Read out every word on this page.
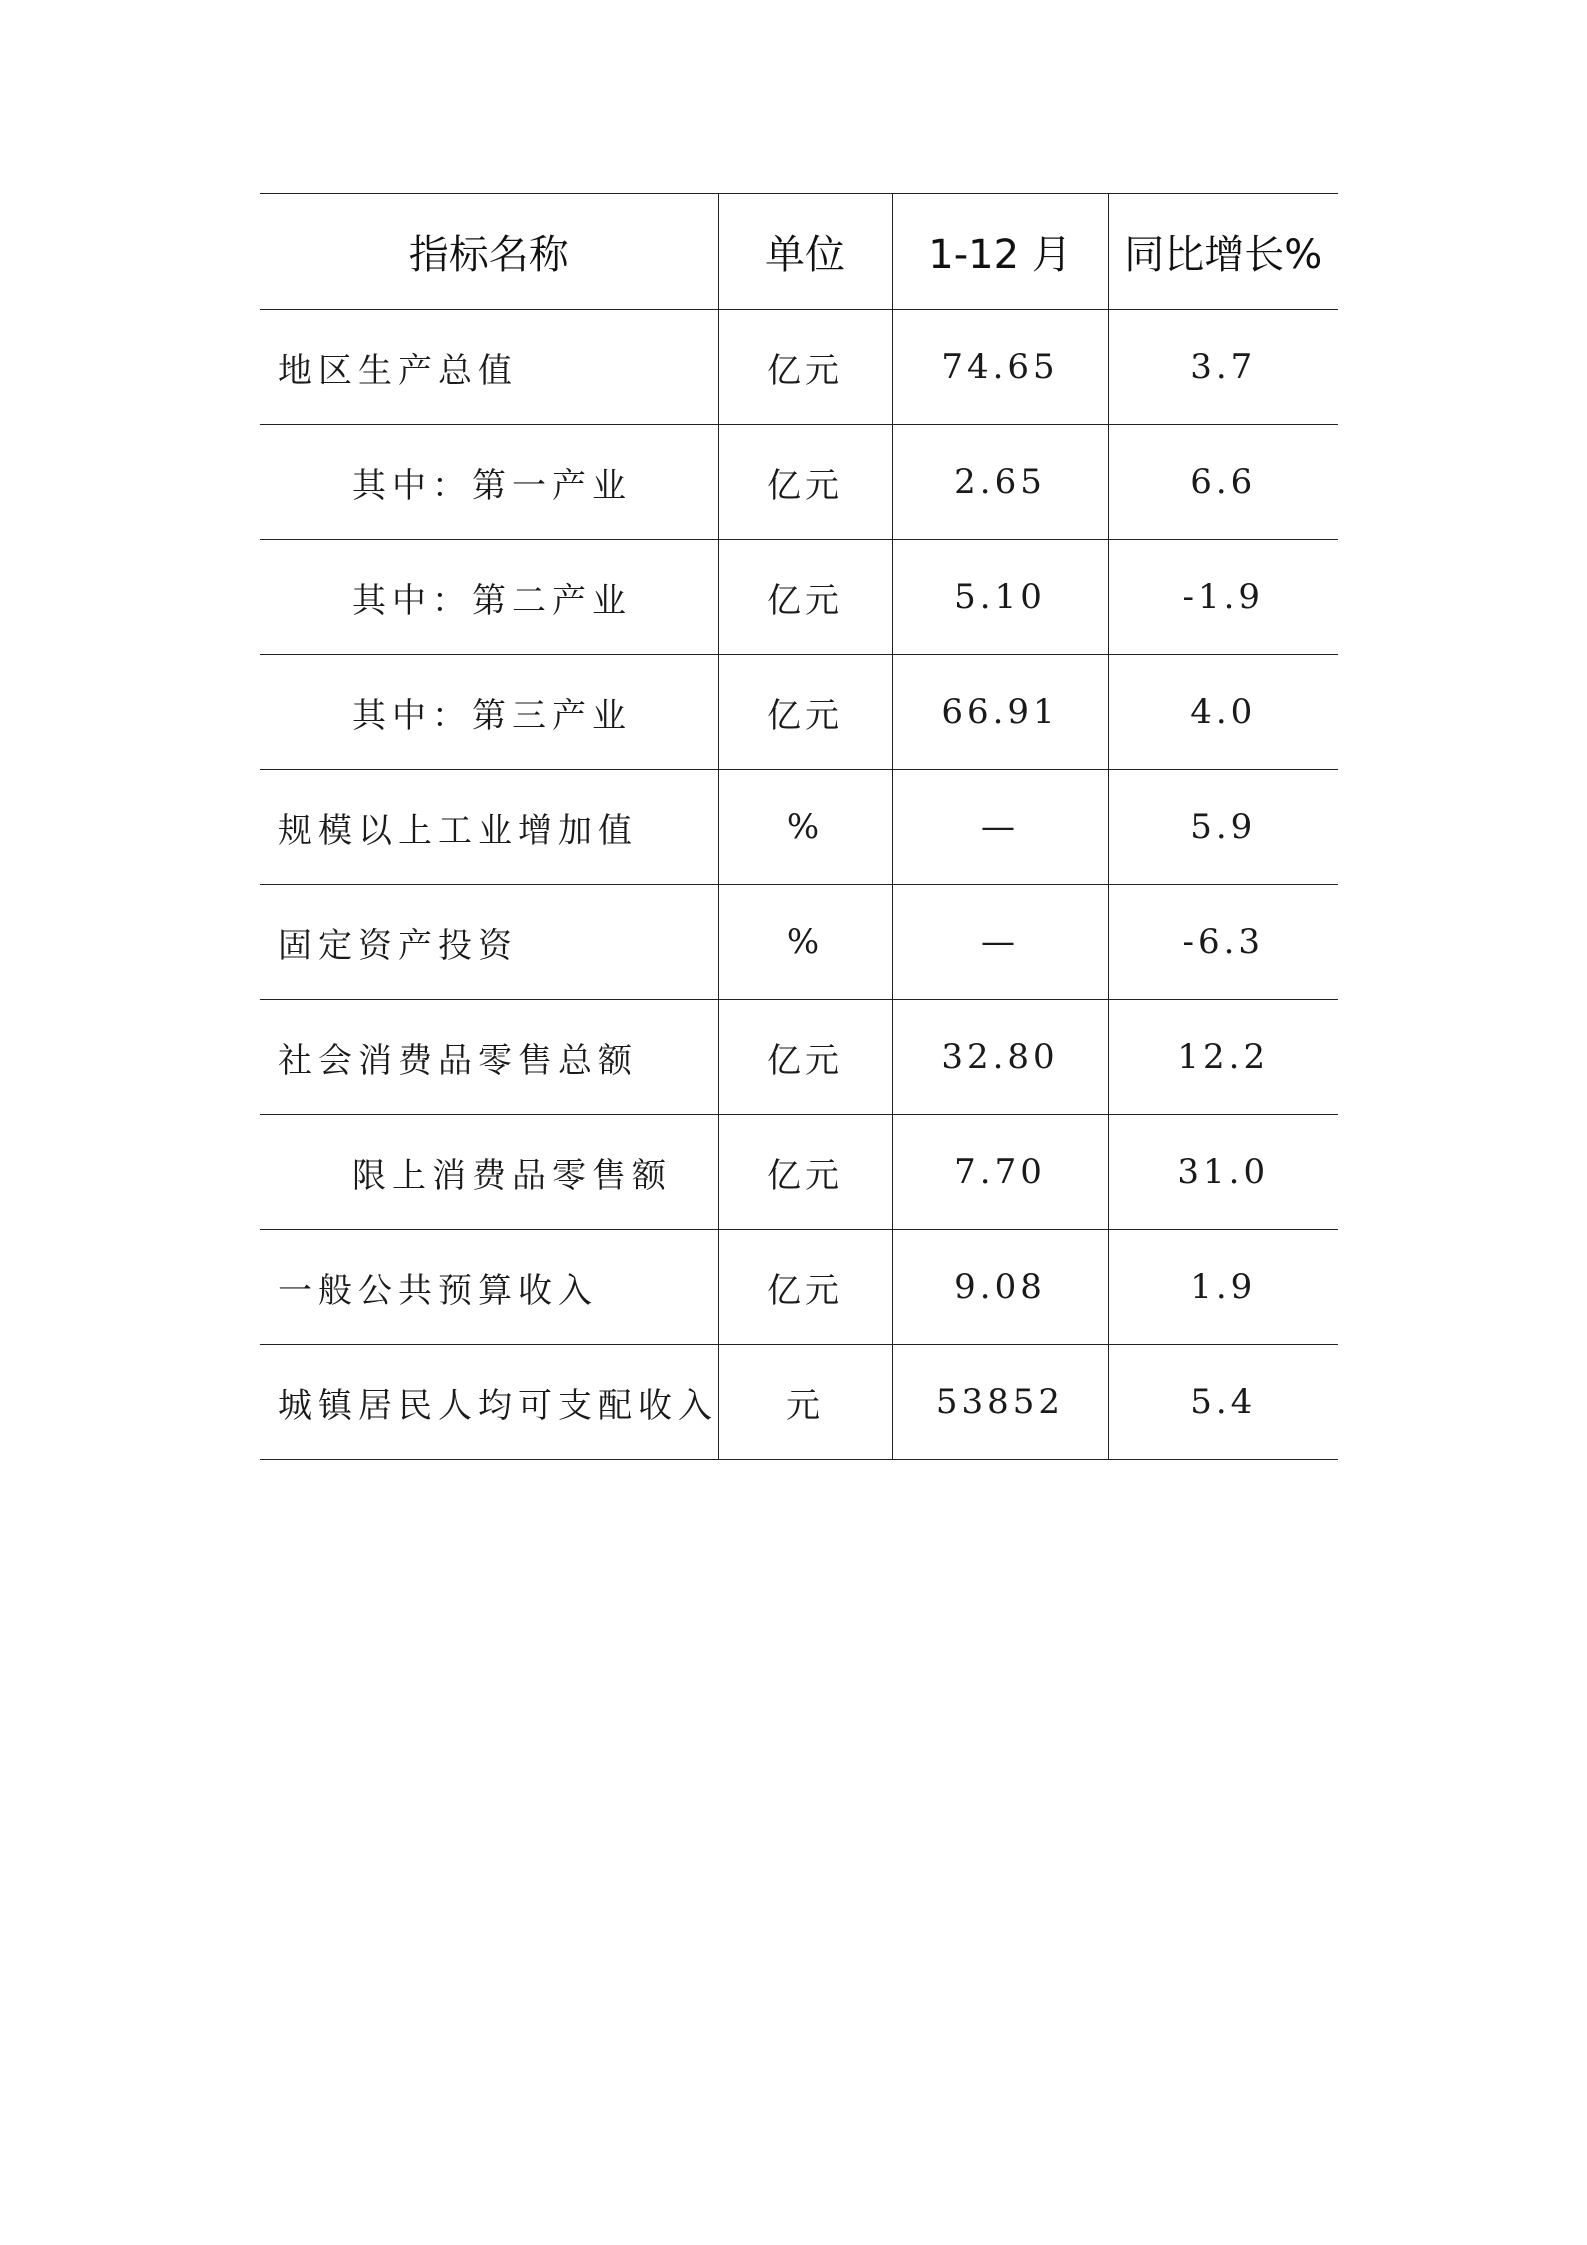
指标名称	单位	1-12 月	同比增长%
地区生产总值	亿元	74.65	3.7
其中：第一产业	亿元	2.65	6.6
其中：第二产业	亿元	5.10	-1.9
其中：第三产业	亿元	66.91	4.0
规模以上工业增加值	%	—	5.9
固定资产投资	%	—	-6.3
社会消费品零售总额	亿元	32.80	12.2
限上消费品零售额	亿元	7.70	31.0
一般公共预算收入	亿元	9.08	1.9
城镇居民人均可支配收入	元	53852	5.4
